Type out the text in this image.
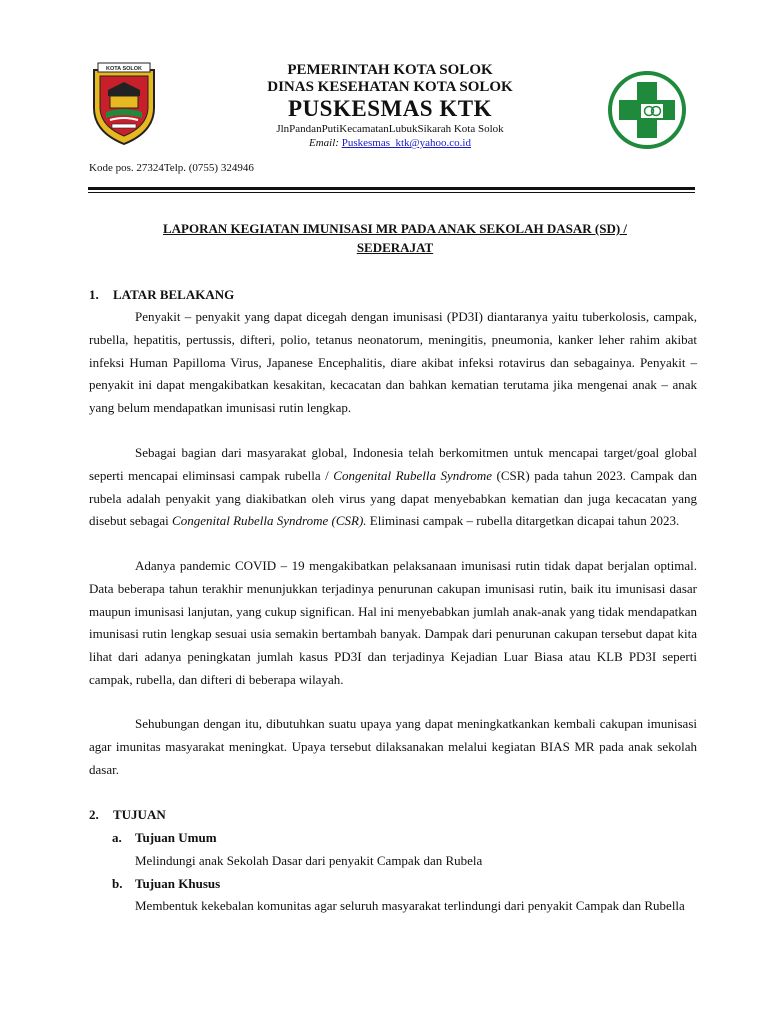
KOTA SOLOK	PEMERINTAH KOTA SOLOK
DINAS KESEHATAN KOTA SOLOK
PUSKESMAS KTK
JlnPandanPutiKecamatanLubukSikarah Kota Solok
Email: Puskesmas_ktk@yahoo.co.id
Kode pos. 27324Telp. (0755) 324946
LAPORAN KEGIATAN IMUNISASI MR PADA ANAK SEKOLAH DASAR (SD) /
SEDERAJAT
1. LATAR BELAKANG

Penyakit – penyakit yang dapat dicegah dengan imunisasi (PD3I) diantaranya yaitu tuberkolosis, campak, rubella, hepatitis, pertussis, difteri, polio, tetanus neonatorum, meningitis, pneumonia, kanker leher rahim akibat infeksi Human Papilloma Virus, Japanese Encephalitis, diare akibat infeksi rotavirus dan sebagainya. Penyakit – penyakit ini dapat mengakibatkan kesakitan, kecacatan dan bahkan kematian terutama jika mengenai anak – anak yang belum mendapatkan imunisasi rutin lengkap.

Sebagai bagian dari masyarakat global, Indonesia telah berkomitmen untuk mencapai target/goal global seperti mencapai eliminsasi campak rubella / Congenital Rubella Syndrome (CSR) pada tahun 2023. Campak dan rubela adalah penyakit yang diakibatkan oleh virus yang dapat menyebabkan kematian dan juga kecacatan yang disebut sebagai Congenital Rubella Syndrome (CSR). Eliminasi campak – rubella ditargetkan dicapai tahun 2023.

Adanya pandemic COVID – 19 mengakibatkan pelaksanaan imunisasi rutin tidak dapat berjalan optimal. Data beberapa tahun terakhir menunjukkan terjadinya penurunan cakupan imunisasi rutin, baik itu imunisasi dasar maupun imunisasi lanjutan, yang cukup significan. Hal ini menyebabkan jumlah anak-anak yang tidak mendapatkan imunisasi rutin lengkap sesuai usia semakin bertambah banyak. Dampak dari penurunan cakupan tersebut dapat kita lihat dari adanya peningkatan jumlah kasus PD3I dan terjadinya Kejadian Luar Biasa atau KLB PD3I seperti campak, rubella, dan difteri di beberapa wilayah.

Sehubungan dengan itu, dibutuhkan suatu upaya yang dapat meningkatkankan kembali cakupan imunisasi agar imunitas masyarakat meningkat. Upaya tersebut dilaksanakan melalui kegiatan BIAS MR pada anak sekolah dasar.

2. TUJUAN
a. Tujuan Umum

Melindungi anak Sekolah Dasar dari penyakit Campak dan Rubela

b. Tujuan Khusus

Membentuk kekebalan komunitas agar seluruh masyarakat terlindungi dari penyakit Campak dan Rubella
